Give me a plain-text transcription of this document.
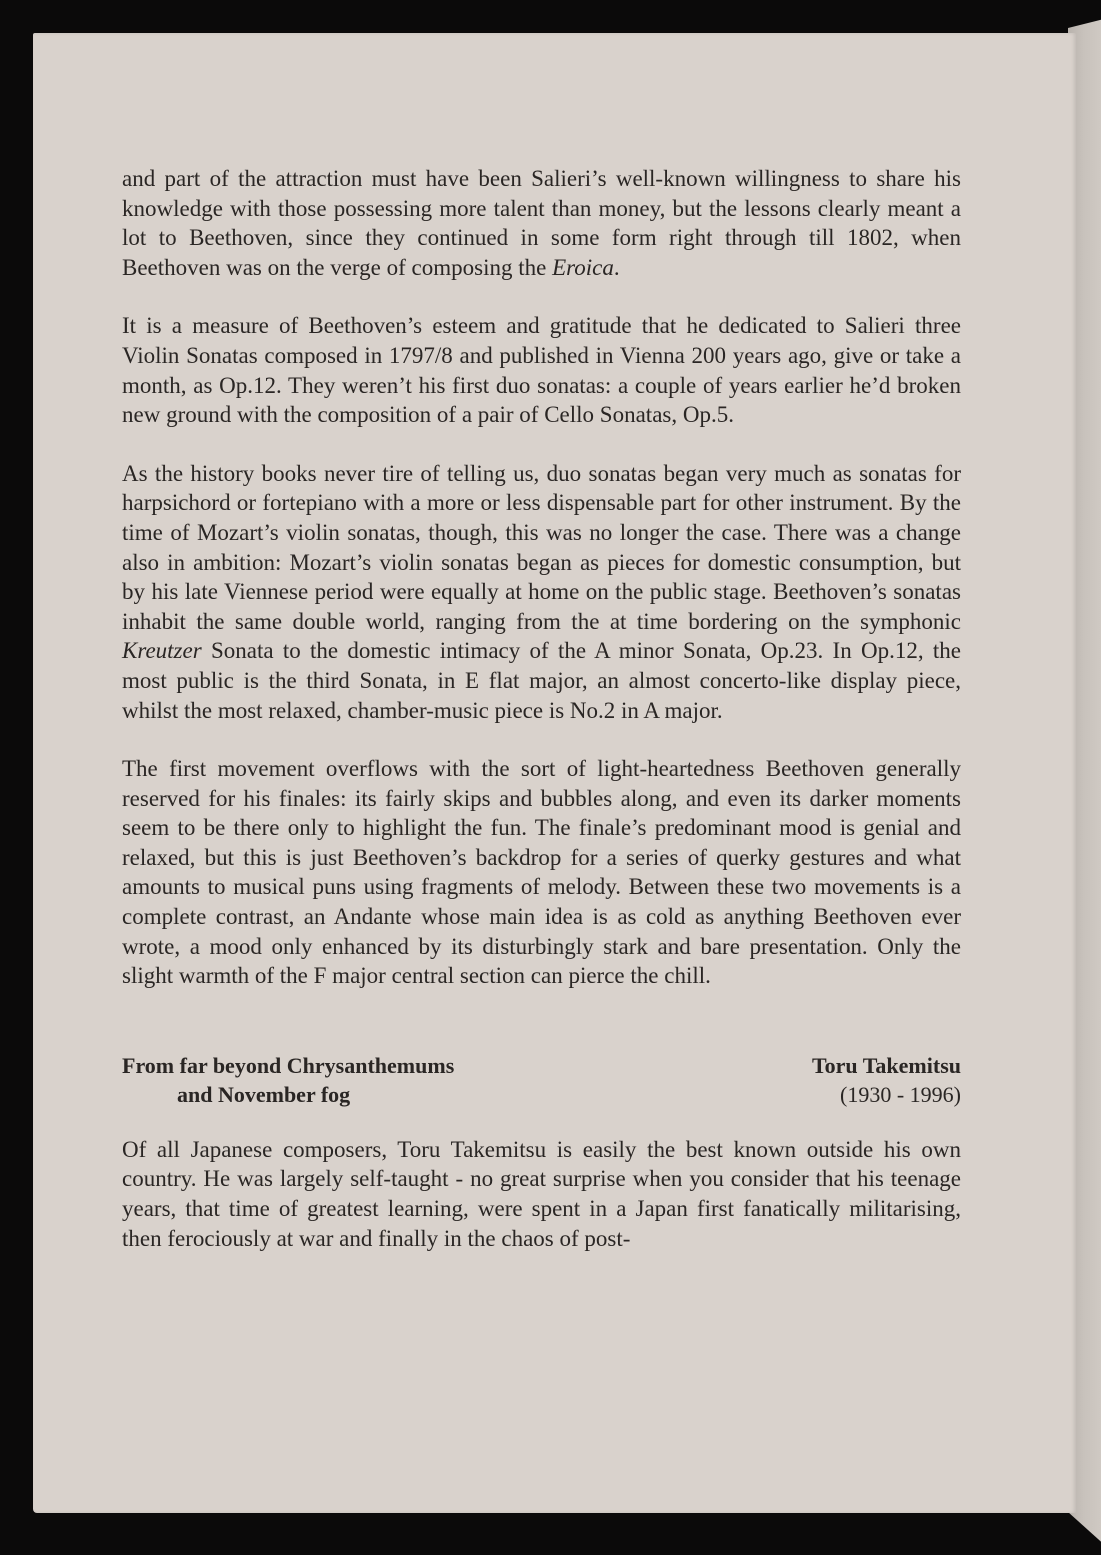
and part of the attraction must have been Salieri’s well-known willingness to share his knowledge with those possessing more talent than money, but the lessons clearly meant a lot to Beethoven, since they continued in some form right through till 1802, when Beethoven was on the verge of composing the Eroica.

It is a measure of Beethoven’s esteem and gratitude that he dedicated to Salieri three Violin Sonatas composed in 1797/8 and published in Vienna 200 years ago, give or take a month, as Op.12. They weren’t his first duo sonatas: a couple of years earlier he’d broken new ground with the composition of a pair of Cello Sonatas, Op.5.

As the history books never tire of telling us, duo sonatas began very much as sonatas for harpsichord or fortepiano with a more or less dispensable part for other instrument. By the time of Mozart’s violin sonatas, though, this was no longer the case. There was a change also in ambition: Mozart’s violin sonatas began as pieces for domestic consumption, but by his late Viennese period were equally at home on the public stage. Beethoven’s sonatas inhabit the same double world, ranging from the at time bordering on the symphonic Kreutzer Sonata to the domestic intimacy of the A minor Sonata, Op.23. In Op.12, the most public is the third Sonata, in E flat major, an almost concerto-like display piece, whilst the most relaxed, chamber-music piece is No.2 in A major.

The first movement overflows with the sort of light-heartedness Beethoven generally reserved for his finales: its fairly skips and bubbles along, and even its darker moments seem to be there only to highlight the fun. The finale’s predominant mood is genial and relaxed, but this is just Beethoven’s backdrop for a series of querky gestures and what amounts to musical puns using fragments of melody. Between these two movements is a complete contrast, an Andante whose main idea is as cold as anything Beethoven ever wrote, a mood only enhanced by its disturbingly stark and bare presentation. Only the slight warmth of the F major central section can pierce the chill.

From far beyond Chrysanthemums
and November fog
Toru Takemitsu
(1930 - 1996)

Of all Japanese composers, Toru Takemitsu is easily the best known outside his own country. He was largely self-taught - no great surprise when you consider that his teenage years, that time of greatest learning, were spent in a Japan first fanatically militarising, then ferociously at war and finally in the chaos of post-
